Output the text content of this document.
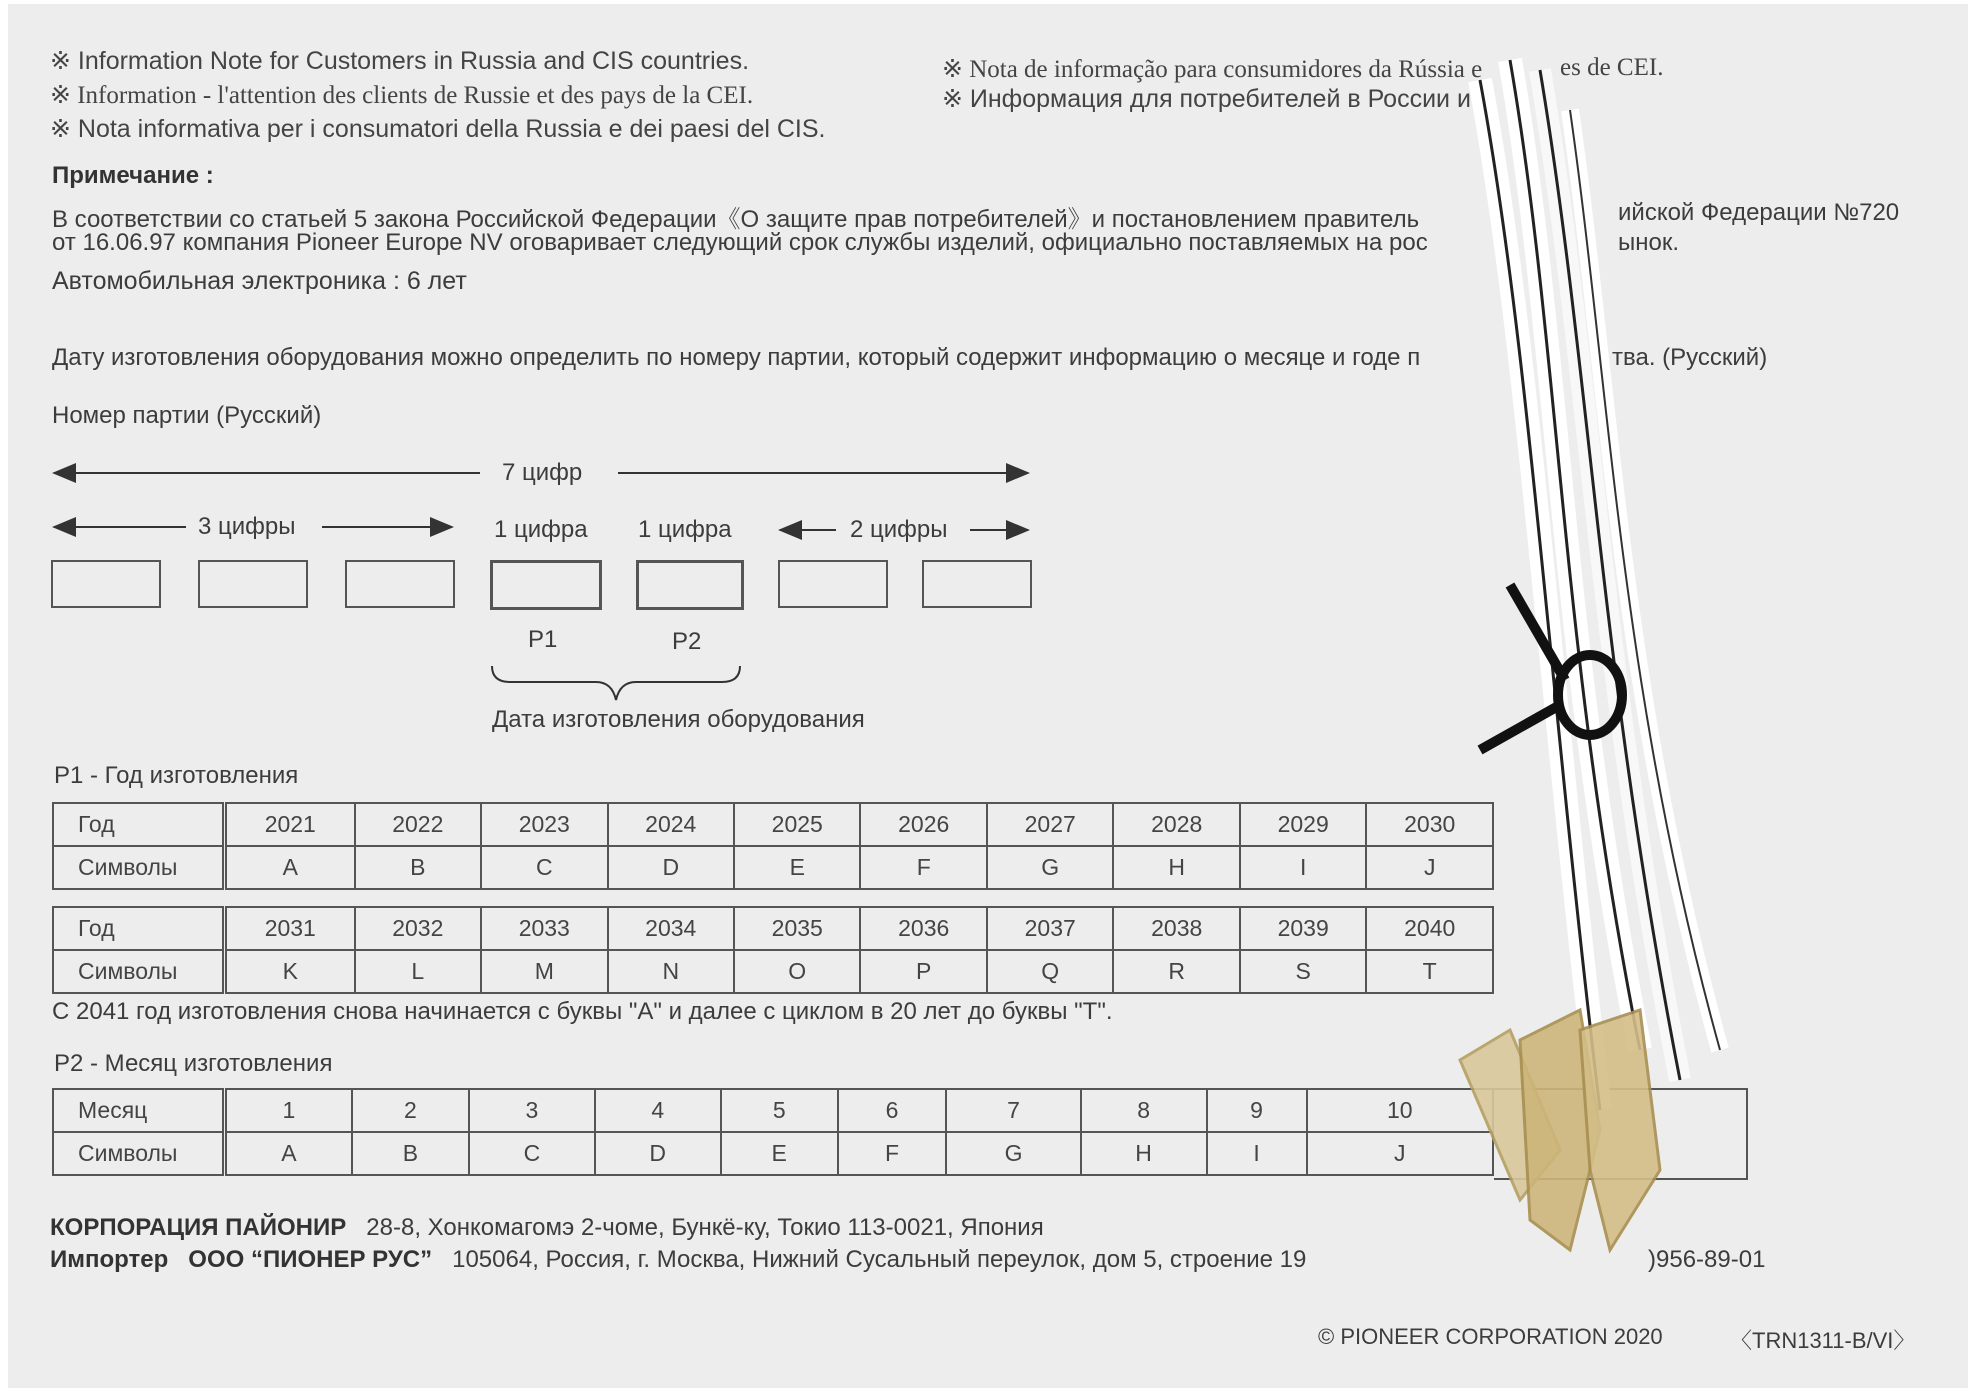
※ Information Note for Customers in Russia and CIS countries.
※ Information - l'attention des clients de Russie et des pays de la CEI.
※ Nota informativa per i consumatori della Russia e dei paesi del CIS.
※ Nota de informação para consumidores da Rússia e	es de CEI.
※ Информация для потребителей в России и
Примечание :
В соответствии со статьей 5 закона Российской Федерации《О защите прав потребителей》и постановлением правитель	ийской Федерации №720
от 16.06.97 компания Pioneer Europe NV оговаривает следующий срок службы изделий, официально поставляемых на рос	ынок.
Автомобильная электроника : 6 лет
Дату изготовления оборудования можно определить по номеру партии, который содержит информацию о месяце и годе п	тва. (Русский)
Номер партии (Русский)
7 цифр
3 цифры	1 цифра 1 цифра	2 цифры
P1	P2
Дата изготовления оборудования
P1 - Год изготовления
Год	2021	2022	2023	2024	2025	2026	2027	2028	2029	2030
Символы	A	B	C	D	E	F	G	H	I	J
Год	2031	2032	2033	2034	2035	2036	2037	2038	2039	2040
Символы	K	L	M	N	O	P	Q	R	S	T
С 2041 год изготовления снова начинается с буквы "A" и далее с циклом в 20 лет до буквы "T".
P2 - Месяц изготовления
Месяц	1	2	3	4	5	6	7	8	9	10
Символы	A	B	C	D	E	F	G	H	I	J
КОРПОРАЦИЯ ПАЙОНИР 28-8, Хонкомагомэ 2-чоме, Бункё-ку, Токио 113-0021, Япония
Импортер ООО “ПИОНЕР РУС” 105064, Россия, г. Москва, Нижний Сусальный переулок, дом 5, строение 19	)956-89-01
© PIONEER CORPORATION 2020	〈TRN1311-B/VI〉
